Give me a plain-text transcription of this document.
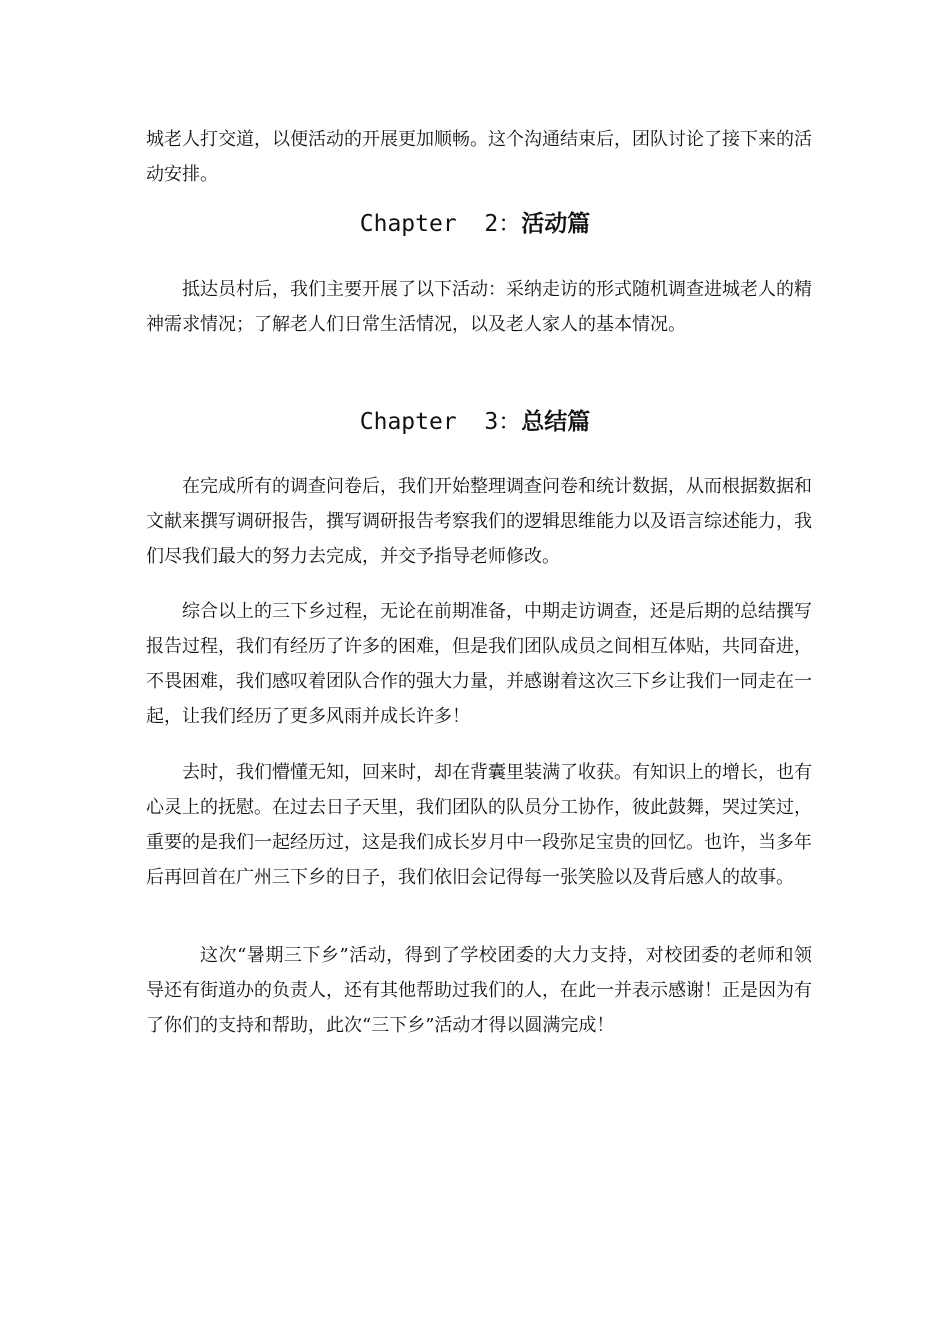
城老人打交道，以便活动的开展更加顺畅。这个沟通结束后，团队讨论了接下来的活动安排。

Chapter  2：活动篇

抵达员村后，我们主要开展了以下活动：采纳走访的形式随机调查进城老人的精神需求情况；了解老人们日常生活情况，以及老人家人的基本情况。

Chapter  3：总结篇

在完成所有的调查问卷后，我们开始整理调查问卷和统计数据，从而根据数据和文献来撰写调研报告，撰写调研报告考察我们的逻辑思维能力以及语言综述能力，我们尽我们最大的努力去完成，并交予指导老师修改。

综合以上的三下乡过程，无论在前期准备，中期走访调查，还是后期的总结撰写报告过程，我们有经历了许多的困难，但是我们团队成员之间相互体贴，共同奋进，不畏困难，我们感叹着团队合作的强大力量，并感谢着这次三下乡让我们一同走在一起，让我们经历了更多风雨并成长许多！

去时，我们懵懂无知，回来时，却在背囊里装满了收获。有知识上的增长，也有心灵上的抚慰。在过去日子天里，我们团队的队员分工协作，彼此鼓舞，哭过笑过，重要的是我们一起经历过，这是我们成长岁月中一段弥足宝贵的回忆。也许，当多年后再回首在广州三下乡的日子，我们依旧会记得每一张笑脸以及背后感人的故事。

这次“暑期三下乡”活动，得到了学校团委的大力支持，对校团委的老师和领导还有街道办的负责人，还有其他帮助过我们的人，在此一并表示感谢！正是因为有了你们的支持和帮助，此次“三下乡”活动才得以圆满完成！
